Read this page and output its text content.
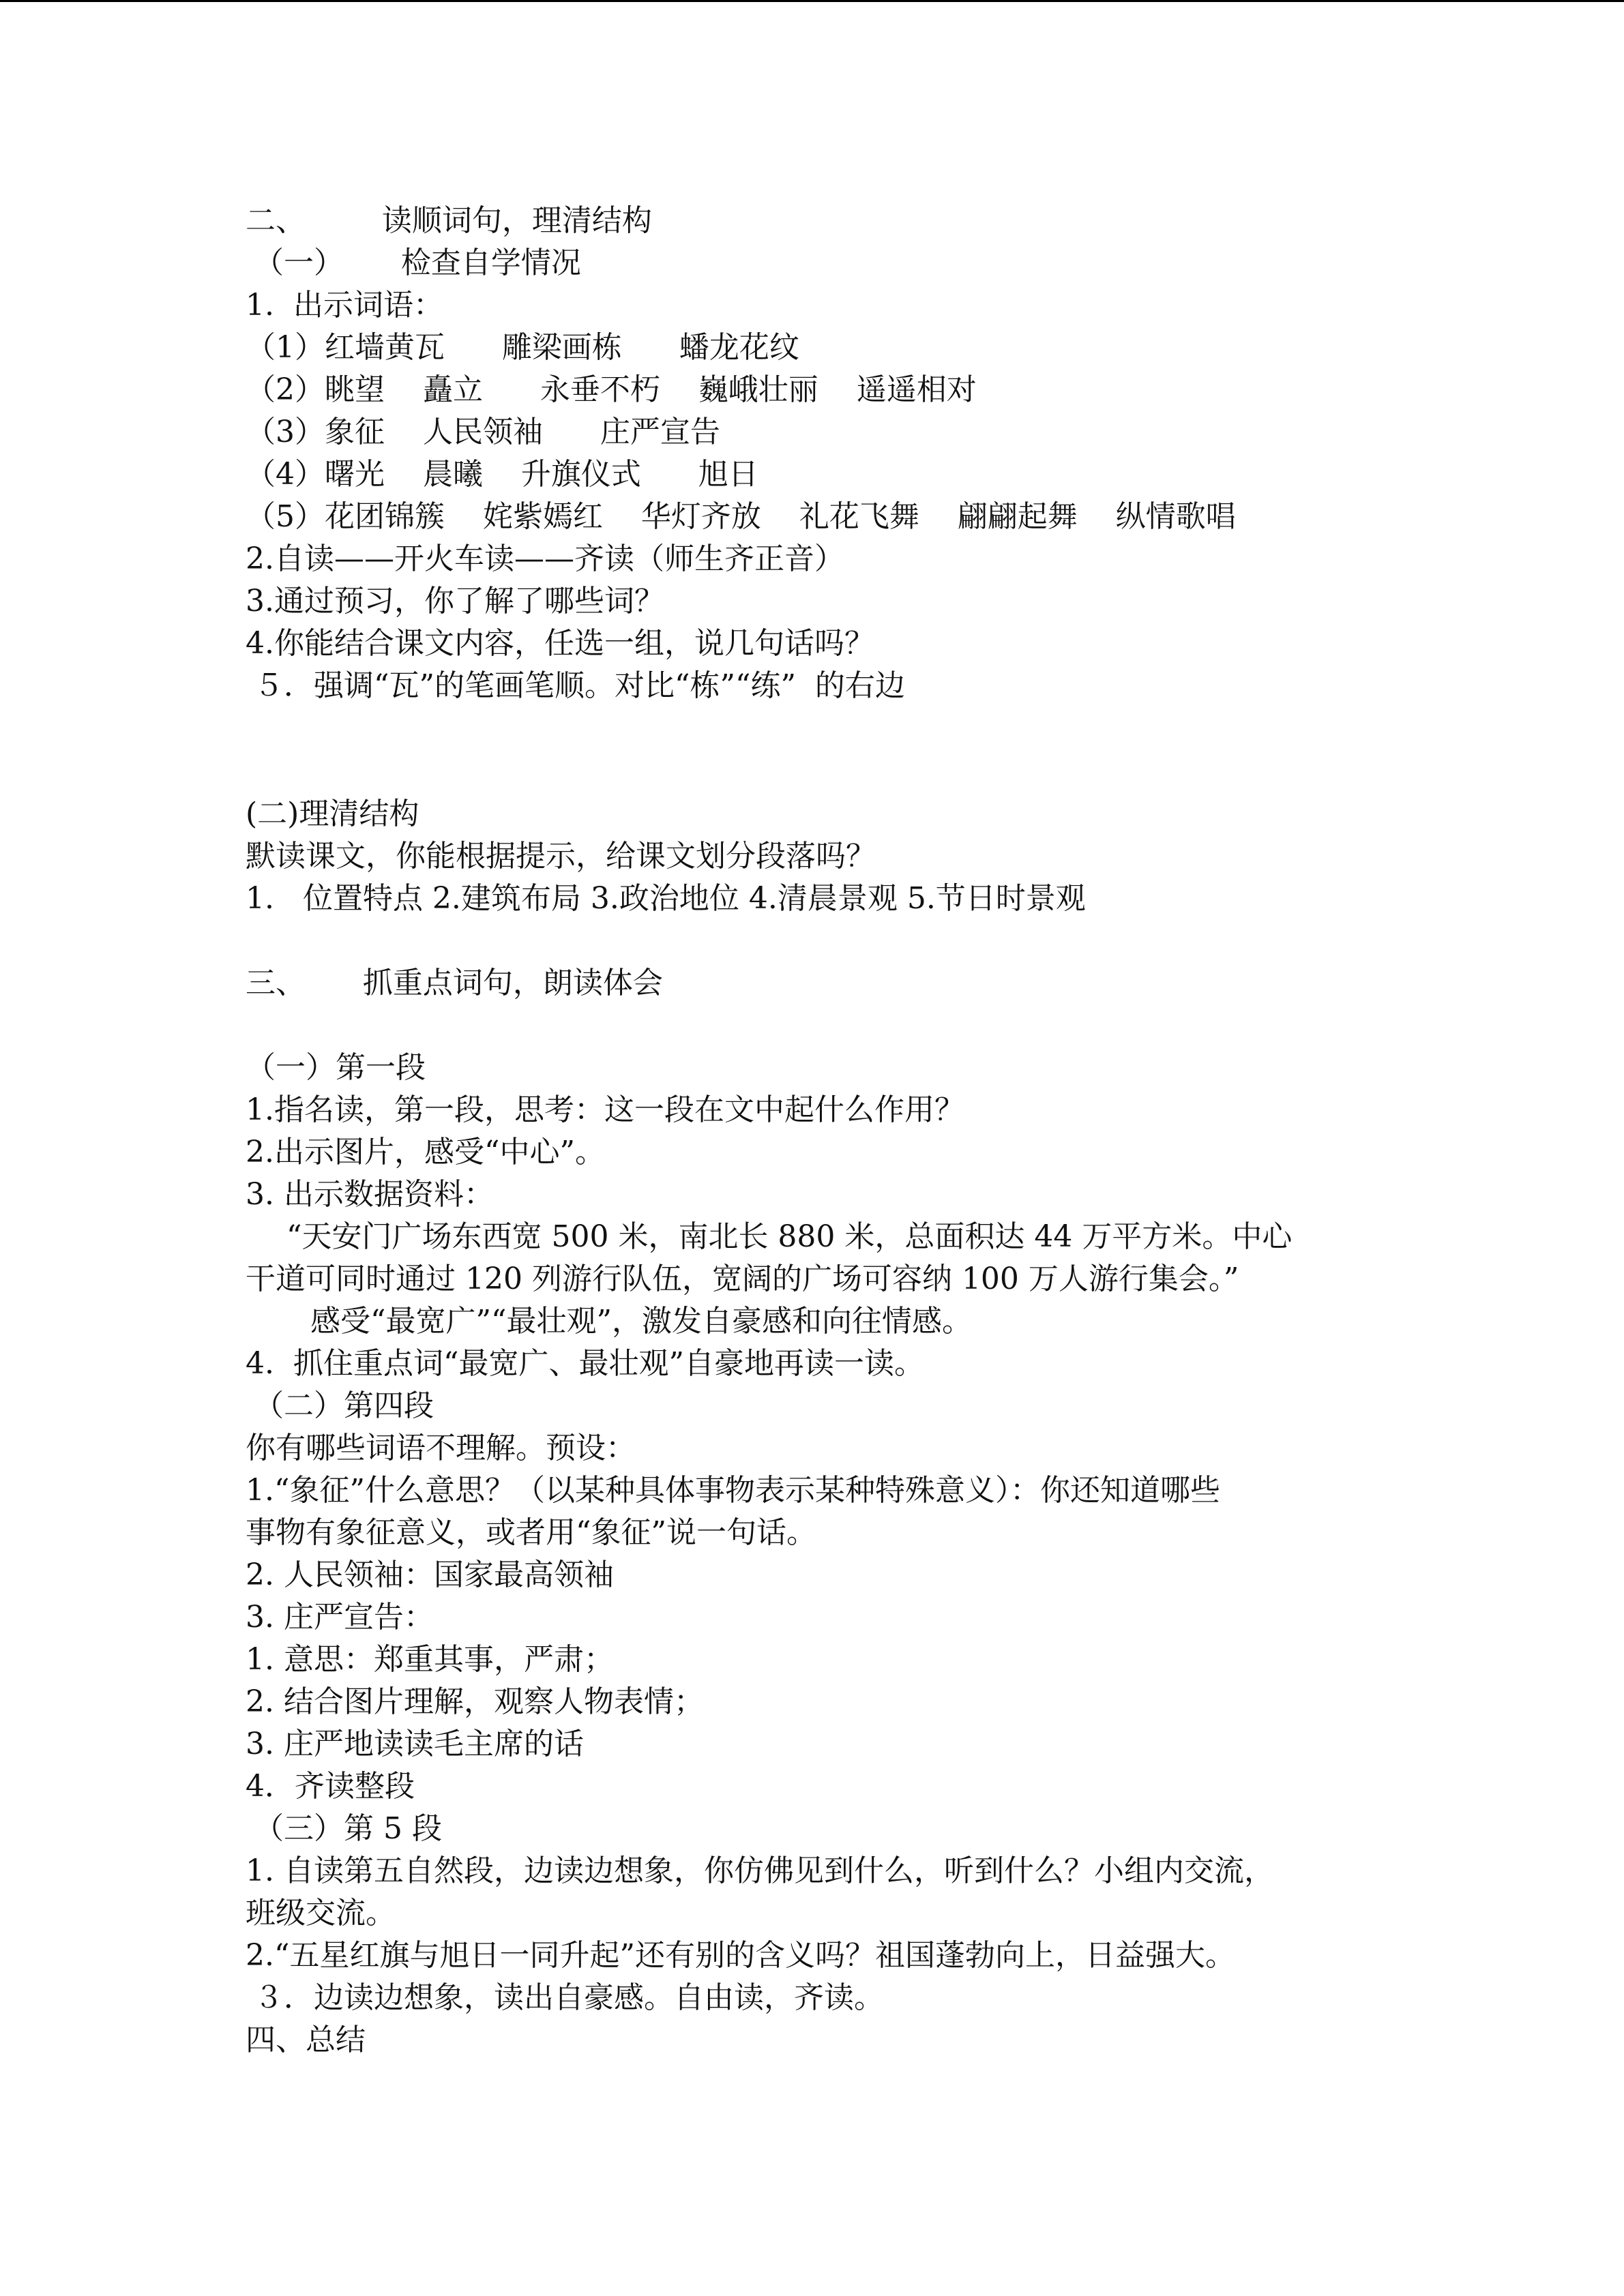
二、        读顺词句，理清结构
（一）      检查自学情况
1.  出示词语：
（1）红墙黄瓦      雕梁画栋      蟠龙花纹
（2）眺望    矗立      永垂不朽    巍峨壮丽    遥遥相对
（3）象征    人民领袖      庄严宣告
（4）曙光    晨曦    升旗仪式      旭日
（5）花团锦簇    姹紫嫣红    华灯齐放    礼花飞舞    翩翩起舞    纵情歌唱
2.自读——开火车读——齐读（师生齐正音）
3.通过预习，你了解了哪些词？
4.你能结合课文内容，任选一组，说几句话吗？
５．强调“瓦”的笔画笔顺。对比“栋”“练”  的右边
(二)理清结构
默读课文，你能根据提示，给课文划分段落吗？
1.   位置特点 2.建筑布局 3.政治地位 4.清晨景观 5.节日时景观
三、      抓重点词句，朗读体会
（一）第一段
1.指名读，第一段，思考：这一段在文中起什么作用？
2.出示图片，感受“中心”。
3. 出示数据资料：
“天安门广场东西宽 500 米，南北长 880 米，总面积达 44 万平方米。中心
干道可同时通过 120 列游行队伍，宽阔的广场可容纳 100 万人游行集会。”
感受“最宽广”“最壮观”，激发自豪感和向往情感。
4.  抓住重点词“最宽广、最壮观”自豪地再读一读。
（二）第四段
你有哪些词语不理解。预设：
1.“象征”什么意思？（以某种具体事物表示某种特殊意义）：你还知道哪些
事物有象征意义，或者用“象征”说一句话。
2. 人民领袖：国家最高领袖
3. 庄严宣告：
1. 意思：郑重其事，严肃；
2. 结合图片理解，观察人物表情；
3. 庄严地读读毛主席的话
4．齐读整段
（三）第 5 段
1. 自读第五自然段，边读边想象，你仿佛见到什么，听到什么？小组内交流，
班级交流。
2.“五星红旗与旭日一同升起”还有别的含义吗？祖国蓬勃向上，日益强大。
３．边读边想象，读出自豪感。自由读，齐读。
四、总结
